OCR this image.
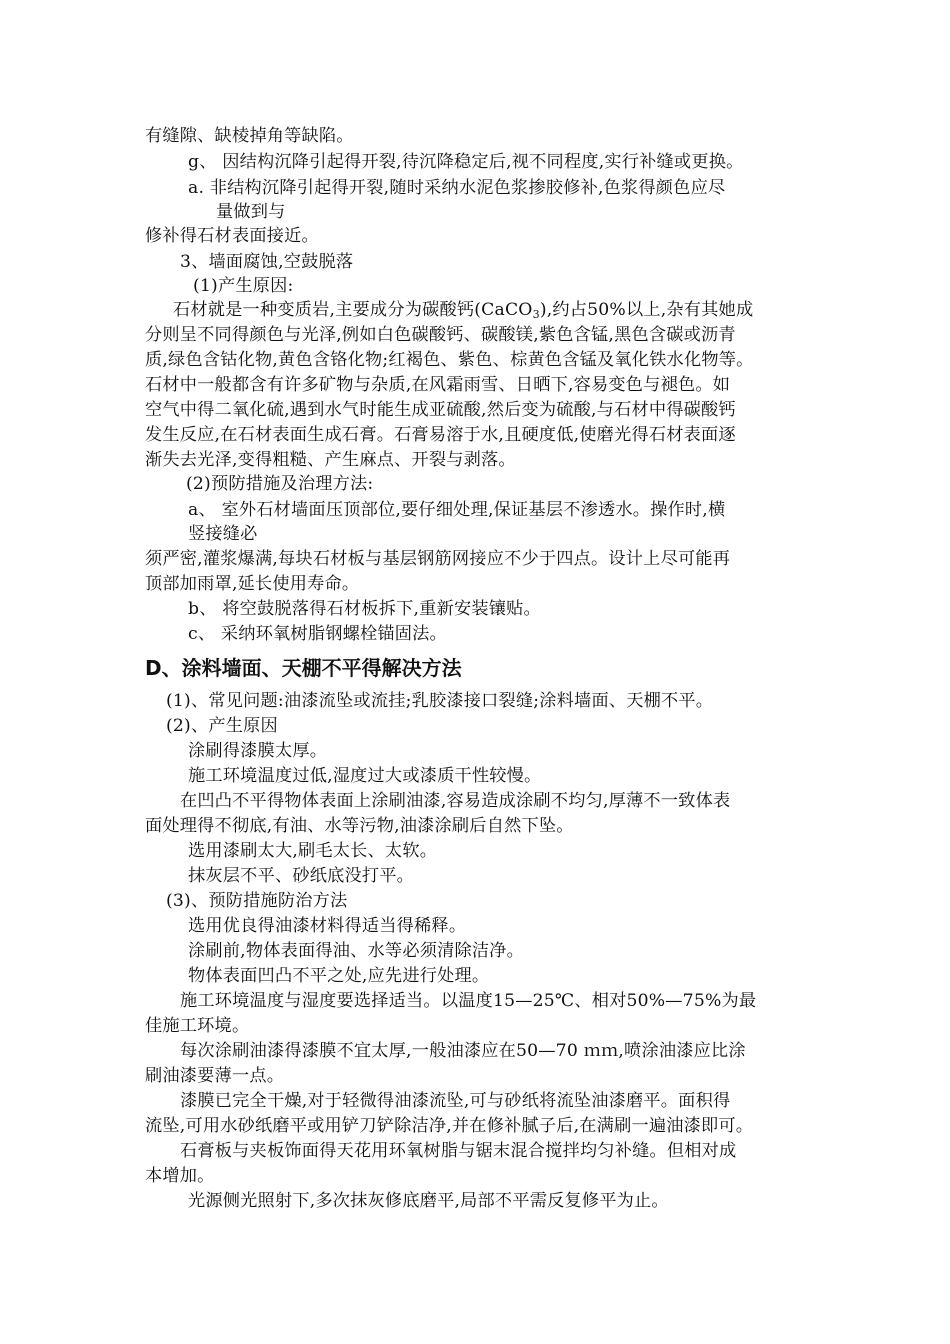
有缝隙、缺棱掉角等缺陷。
g、 因结构沉降引起得开裂,待沉降稳定后,视不同程度,实行补缝或更换。
a. 非结构沉降引起得开裂,随时采纳水泥色浆掺胶修补,色浆得颜色应尽
量做到与
修补得石材表面接近。
3、墙面腐蚀,空鼓脱落
(1)产生原因:
石材就是一种变质岩,主要成分为碳酸钙(CaCO$_3$),约占50%以上,杂有其她成
分则呈不同得颜色与光泽,例如白色碳酸钙、碳酸镁,紫色含锰,黑色含碳或沥青
质,绿色含钴化物,黄色含铬化物;红褐色、紫色、棕黄色含锰及氧化铁水化物等。
石材中一般都含有许多矿物与杂质,在风霜雨雪、日晒下,容易变色与褪色。如
空气中得二氧化硫,遇到水气时能生成亚硫酸,然后变为硫酸,与石材中得碳酸钙
发生反应,在石材表面生成石膏。石膏易溶于水,且硬度低,使磨光得石材表面逐
渐失去光泽,变得粗糙、产生麻点、开裂与剥落。
(2)预防措施及治理方法:
a、 室外石材墙面压顶部位,要仔细处理,保证基层不渗透水。操作时,横
竖接缝必
须严密,灌浆爆满,每块石材板与基层钢筋网接应不少于四点。设计上尽可能再
顶部加雨罩,延长使用寿命。
b、 将空鼓脱落得石材板拆下,重新安装镶贴。
c、 采纳环氧树脂钢螺栓锚固法。
D、涂料墙面、天棚不平得解决方法
(1)、常见问题:油漆流坠或流挂;乳胶漆接口裂缝;涂料墙面、天棚不平。
(2)、产生原因
涂刷得漆膜太厚。
施工环境温度过低,湿度过大或漆质干性较慢。
在凹凸不平得物体表面上涂刷油漆,容易造成涂刷不均匀,厚薄不一致体表
面处理得不彻底,有油、水等污物,油漆涂刷后自然下坠。
选用漆刷太大,刷毛太长、太软。
抹灰层不平、砂纸底没打平。
(3)、预防措施防治方法
选用优良得油漆材料得适当得稀释。
涂刷前,物体表面得油、水等必须清除洁净。
物体表面凹凸不平之处,应先进行处理。
施工环境温度与湿度要选择适当。以温度15—25℃、相对50%—75%为最
佳施工环境。
每次涂刷油漆得漆膜不宜太厚,一般油漆应在50—70 ｍｍ,喷涂油漆应比涂
刷油漆要薄一点。
漆膜已完全干燥,对于轻微得油漆流坠,可与砂纸将流坠油漆磨平。面积得
流坠,可用水砂纸磨平或用铲刀铲除洁净,并在修补腻子后,在满刷一遍油漆即可。
石膏板与夹板饰面得天花用环氧树脂与锯末混合搅拌均匀补缝。但相对成
本增加。
光源侧光照射下,多次抹灰修底磨平,局部不平需反复修平为止。
